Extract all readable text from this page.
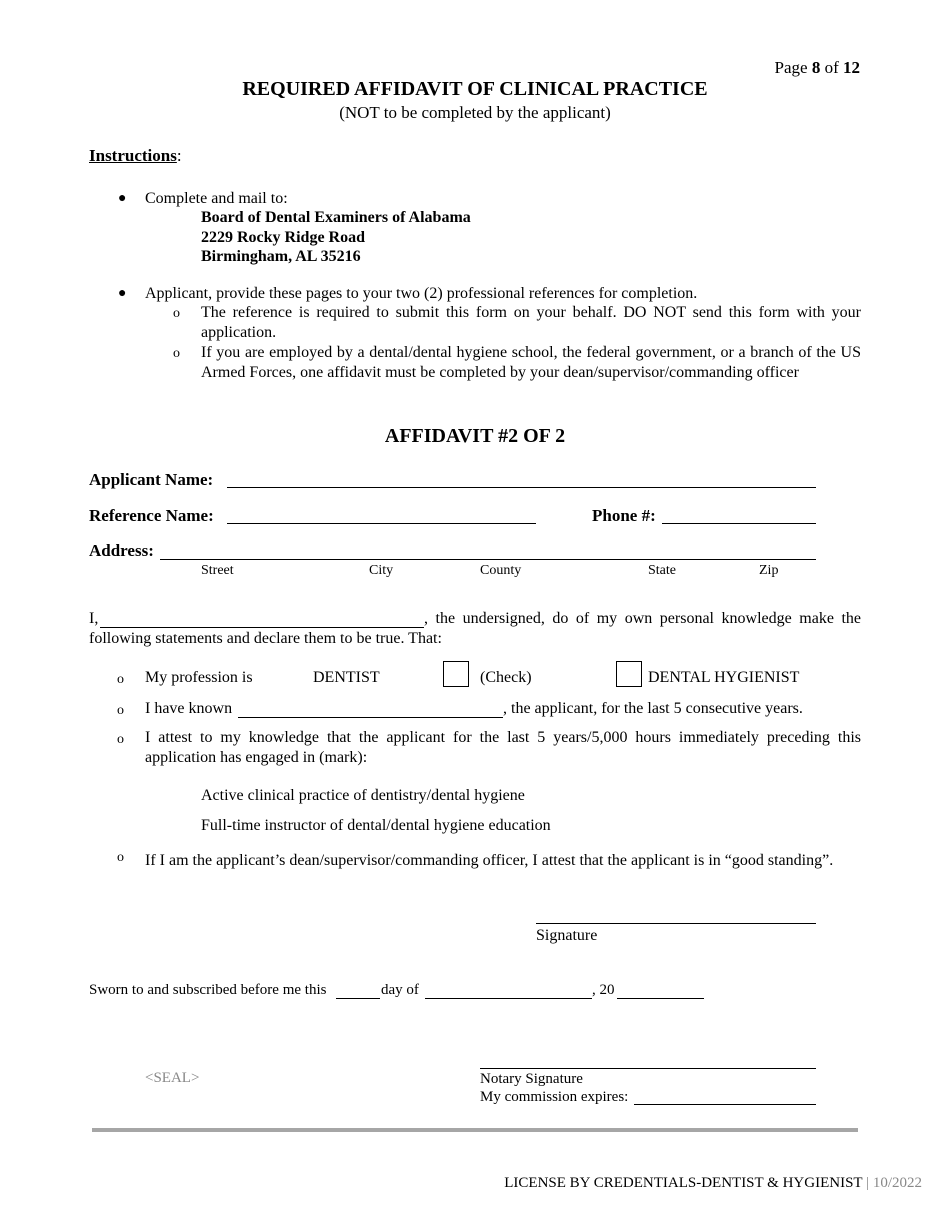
Page 8 of 12
REQUIRED AFFIDAVIT OF CLINICAL PRACTICE
(NOT to be completed by the applicant)
Instructions:
● Complete and mail to:
Board of Dental Examiners of Alabama
2229 Rocky Ridge Road
Birmingham, AL 35216
● Applicant, provide these pages to your two (2) professional references for completion.
o The reference is required to submit this form on your behalf. DO NOT send this form with your application.
o If you are employed by a dental/dental hygiene school, the federal government, or a branch of the US Armed Forces, one affidavit must be completed by your dean/supervisor/commanding officer
AFFIDAVIT #2 OF 2
Applicant Name:
Reference Name:	Phone #:
Address:
Street	City	County	State	Zip
I,	, the undersigned, do of my own personal knowledge make the
following statements and declare them to be true. That:
o My profession is	DENTIST	(Check)	DENTAL HYGIENIST
o I have known	, the applicant, for the last 5 consecutive years.
o I attest to my knowledge that the applicant for the last 5 years/5,000 hours immediately preceding this application has engaged in (mark):
Active clinical practice of dentistry/dental hygiene
Full-time instructor of dental/dental hygiene education
o If I am the applicant’s dean/supervisor/commanding officer, I attest that the applicant is in “good standing”.
Signature
Sworn to and subscribed before me this	day of	, 20
<SEAL>	Notary Signature
My commission expires:
LICENSE BY CREDENTIALS-DENTIST & HYGIENIST | 10/2022
